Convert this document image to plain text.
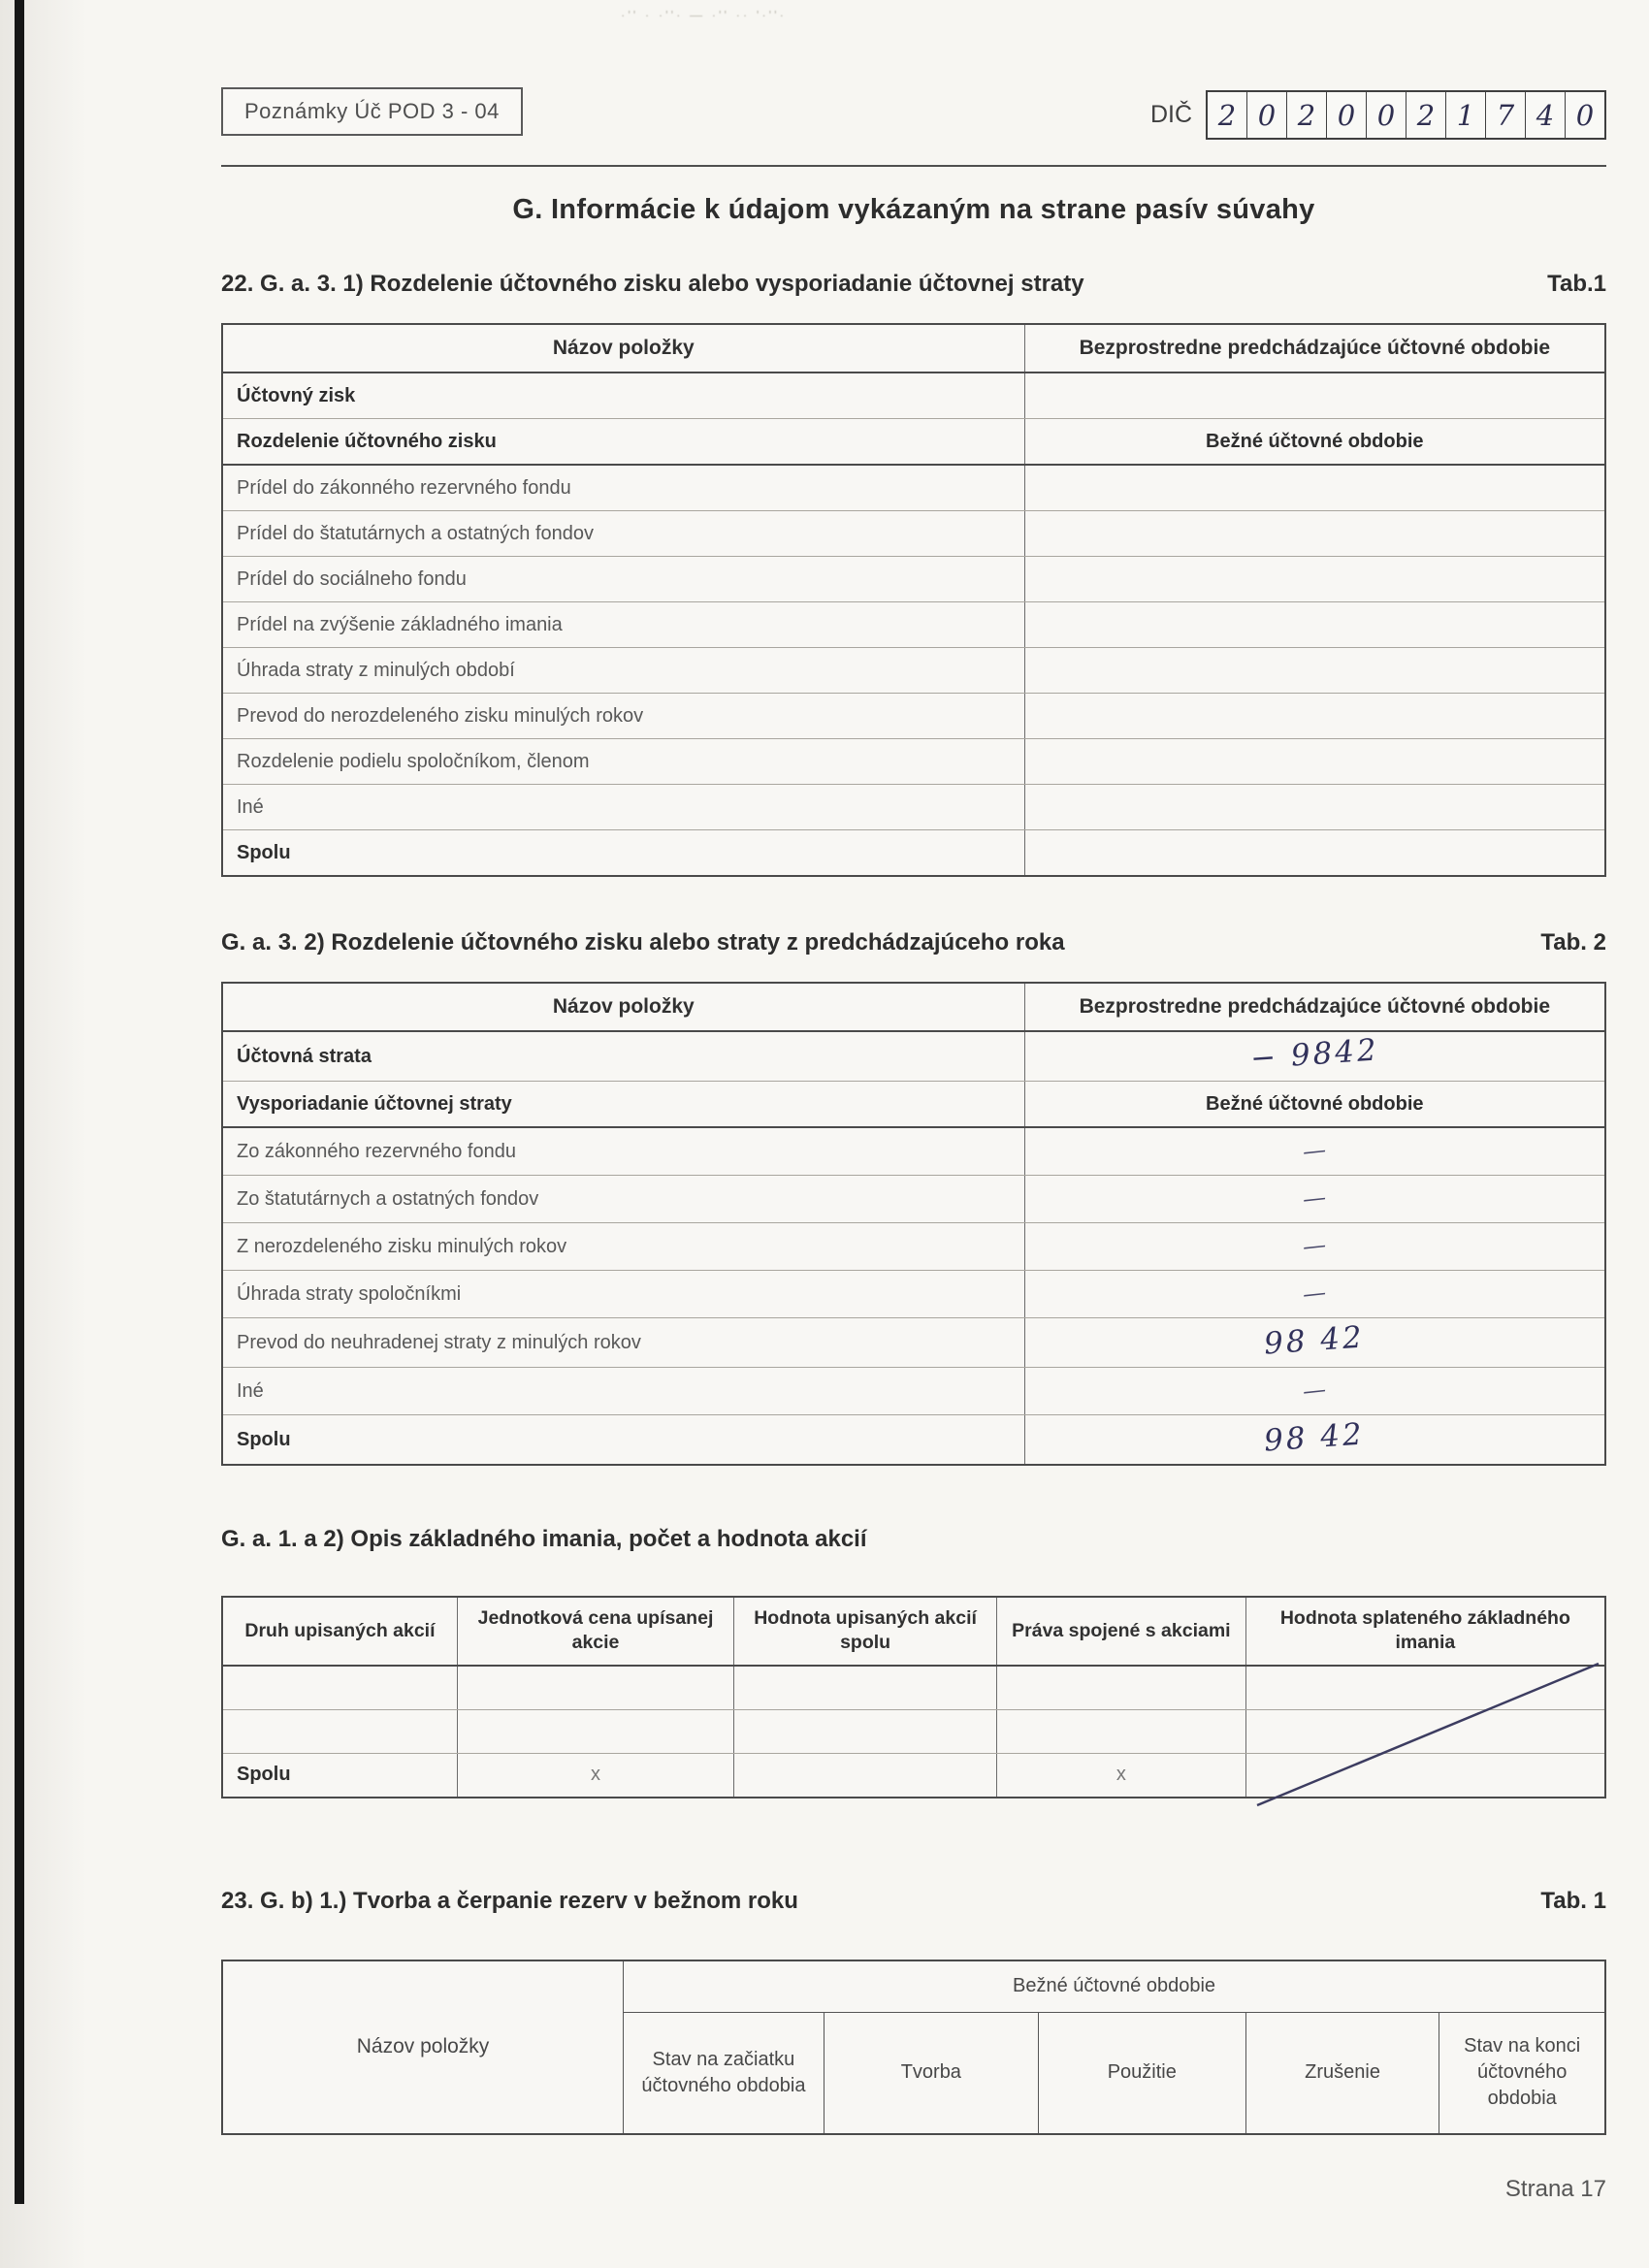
·'' · ·''· — ·'' ·· '·''·
Poznámky Úč POD 3 - 04	DIČ 2 0 2 0 0 2 1 7 4 0
G. Informácie k údajom vykázaným na strane pasív súvahy
22. G. a. 3. 1) Rozdelenie účtovného zisku alebo vysporiadanie účtovnej straty	Tab.1
Názov položky	Bezprostredne predchádzajúce účtovné obdobie
Účtovný zisk	
Rozdelenie účtovného zisku	Bežné účtovné obdobie
Prídel do zákonného rezervného fondu	
Prídel do štatutárnych a ostatných fondov	
Prídel do sociálneho fondu	
Prídel na zvýšenie základného imania	
Úhrada straty z minulých období	
Prevod do nerozdeleného zisku minulých rokov	
Rozdelenie podielu spoločníkom, členom	
Iné	
Spolu	
G. a. 3. 2) Rozdelenie účtovného zisku alebo straty z predchádzajúceho roka	Tab. 2
Názov položky	Bezprostredne predchádzajúce účtovné obdobie
Účtovná strata	− 9842
Vysporiadanie účtovnej straty	Bežné účtovné obdobie
Zo zákonného rezervného fondu	—
Zo štatutárnych a ostatných fondov	—
Z nerozdeleného zisku minulých rokov	—
Úhrada straty spoločníkmi	—
Prevod do neuhradenej straty z minulých rokov	98 42
Iné	—
Spolu	98 42
G. a. 1. a 2) Opis základného imania, počet a hodnota akcií
Druh upisaných akcií	Jednotková cena upísanej akcie	Hodnota upisaných akcií spolu	Práva spojené s akciami	Hodnota splateného základného imania

Spolu	x		x	
23. G. b) 1.) Tvorba a čerpanie rezerv v bežnom roku	Tab. 1
Názov položky	Bežné účtovné obdobie				
	Stav na začiatku účtovného obdobia	Tvorba	Použitie	Zrušenie	Stav na konci účtovného obdobia
Strana 17
